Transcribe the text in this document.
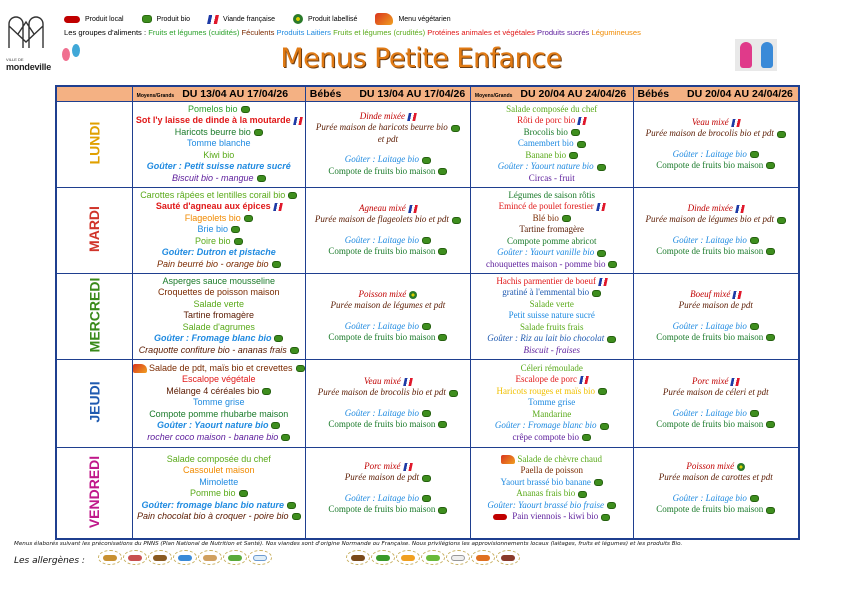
VILLE DE
mondeville
Produit local	Produit bio	Viande française	Produit labellisé	Menu végétarien
Les groupes d'aliments : Fruits et légumes (cuidités) Féculents Produits Laitiers Fruits et légumes (crudités) Protéines animales et végétales Produits sucrés Légumineuses
Menus Petite Enfance
	Moyens/Grands DU 13/04 AU 17/04/26	Bébés DU 13/04 AU 17/04/26	Moyens/Grands DU 20/04 AU 24/04/26	Bébés DU 20/04 AU 24/04/26
LUNDI	
Pomelos bio
Sot l'y laisse de dinde à la moutarde
Haricots beurre bio
Tomme blanche
Kiwi bio
Goûter : Petit suisse nature sucré
Biscuit bio - mangue

Dinde mixée
Purée maison de haricots beurre bio
et pdt
Goûter : Laitage bio
Compote de fruits bio maison

Salade composée du chef
Rôti de porc bio
Brocolis bio
Camembert bio
Banane bio
Goûter : Yaourt nature bio
Circas - fruit

Veau mixé
Purée maison de brocolis bio et pdt
Goûter : Laitage bio
Compote de fruits bio maison

MARDI	
Carottes râpées et lentilles corail bio
Sauté d'agneau aux épices
Flageolets bio
Brie bio
Poire bio
Goûter: Dutron et pistache
Pain beurré bio - orange bio

Agneau mixé
Purée maison de flageolets bio et pdt
Goûter : Laitage bio
Compote de fruits bio maison

Légumes de saison rôtis
Emincé de poulet forestier
Blé bio
Tartine fromagère
Compote pomme abricot
Goûter : Yaourt vanille bio
chouquettes maison - pomme bio

Dinde mixée
Purée maison de légumes bio et pdt
Goûter : Laitage bio
Compote de fruits bio maison

MERCREDI	Asperges sauce mousseline
Croquettes de poisson maison
Salade verte
Tartine fromagère
Salade d'agrumes
Goûter : Fromage blanc bio
Craquotte confiture bio - ananas frais

Poisson mixé
Purée maison de légumes et pdt
Goûter : Laitage bio
Compote de fruits bio maison

Hachis parmentier de boeuf
gratiné à l'emmental bio
Salade verte
Petit suisse nature sucré
Salade fruits frais
Goûter : Riz au lait bio chocolat
Biscuit - fraises

Boeuf mixé
Purée maison de pdt
Goûter : Laitage bio
Compote de fruits bio maison

JEUDI	
Salade de pdt, maïs bio et crevettes
Escalope végétale
Mélange 4 céréales bio
Tomme grise
Compote pomme rhubarbe maison
Goûter : Yaourt nature bio
rocher coco maison - banane bio

Veau mixé
Purée maison de brocolis bio et pdt
Goûter : Laitage bio
Compote de fruits bio maison

Céleri rémoulade
Escalope de porc
Haricots rouges et maïs bio
Tomme grise
Mandarine
Goûter : Fromage blanc bio
crêpe compote bio

Porc mixé
Purée maison de céleri et pdt
Goûter : Laitage bio
Compote de fruits bio maison

VENDREDI	Salade composée du chef
Cassoulet maison
Mimolette
Pomme bio
Goûter: fromage blanc bio nature
Pain chocolat bio à croquer - poire bio

Porc mixé
Purée maison de pdt
Goûter : Laitage bio
Compote de fruits bio maison

Salade de chèvre chaud
Paella de poisson
Yaourt brassé bio banane
Ananas frais bio
Goûter: Yaourt brassé bio fraise
Pain viennois - kiwi bio

Poisson mixé
Purée maison de carottes et pdt
Goûter : Laitage bio
Compote de fruits bio maison
Menus élaborés suivant les préconisations du PNNS (Plan National de Nutrition et Santé). Nos viandes sont d'origine Normande ou Française. Nous privilégions les approvisionnements locaux (laitages, fruits et légumes) et les produits Bio.
Les allergènes :
